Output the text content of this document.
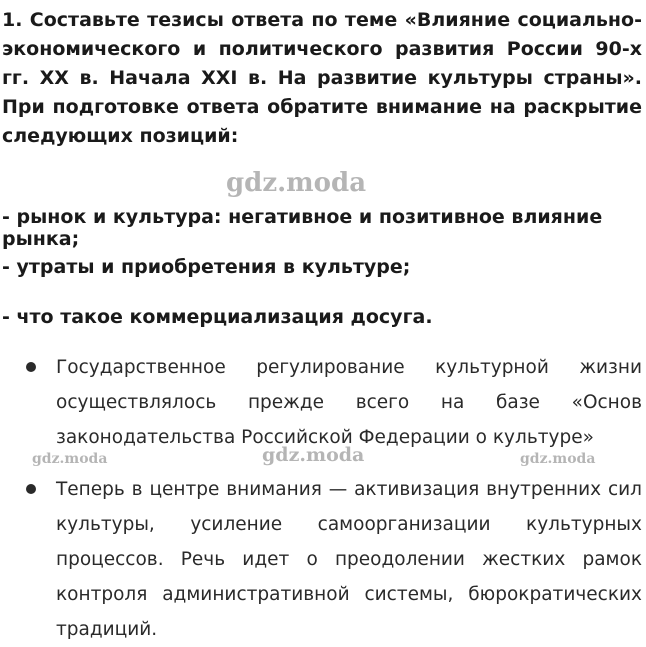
1. Составьте тезисы ответа по теме «Влияние социально-экономического и политического развития России 90-х гг. XX в. Начала XXI в. На развитие культуры страны». При подготовке ответа обратите внимание на раскрытие следующих позиций:

- рынок и культура: негативное и позитивное влияние рынка;

- утраты и приобретения в культуре;

- что такое коммерциализация досуга.

Государственное регулирование культурной жизни осуществлялось прежде всего на базе «Основ законодательства Российской Федерации о культуре»

Теперь в центре внимания — активизация внутренних сил культуры, усиление самоорганизации культурных процессов. Речь идет о преодолении жестких рамок контроля административной системы, бюрократических традиций.

gdz.moda
gdz.moda	gdz.moda	gdz.moda
